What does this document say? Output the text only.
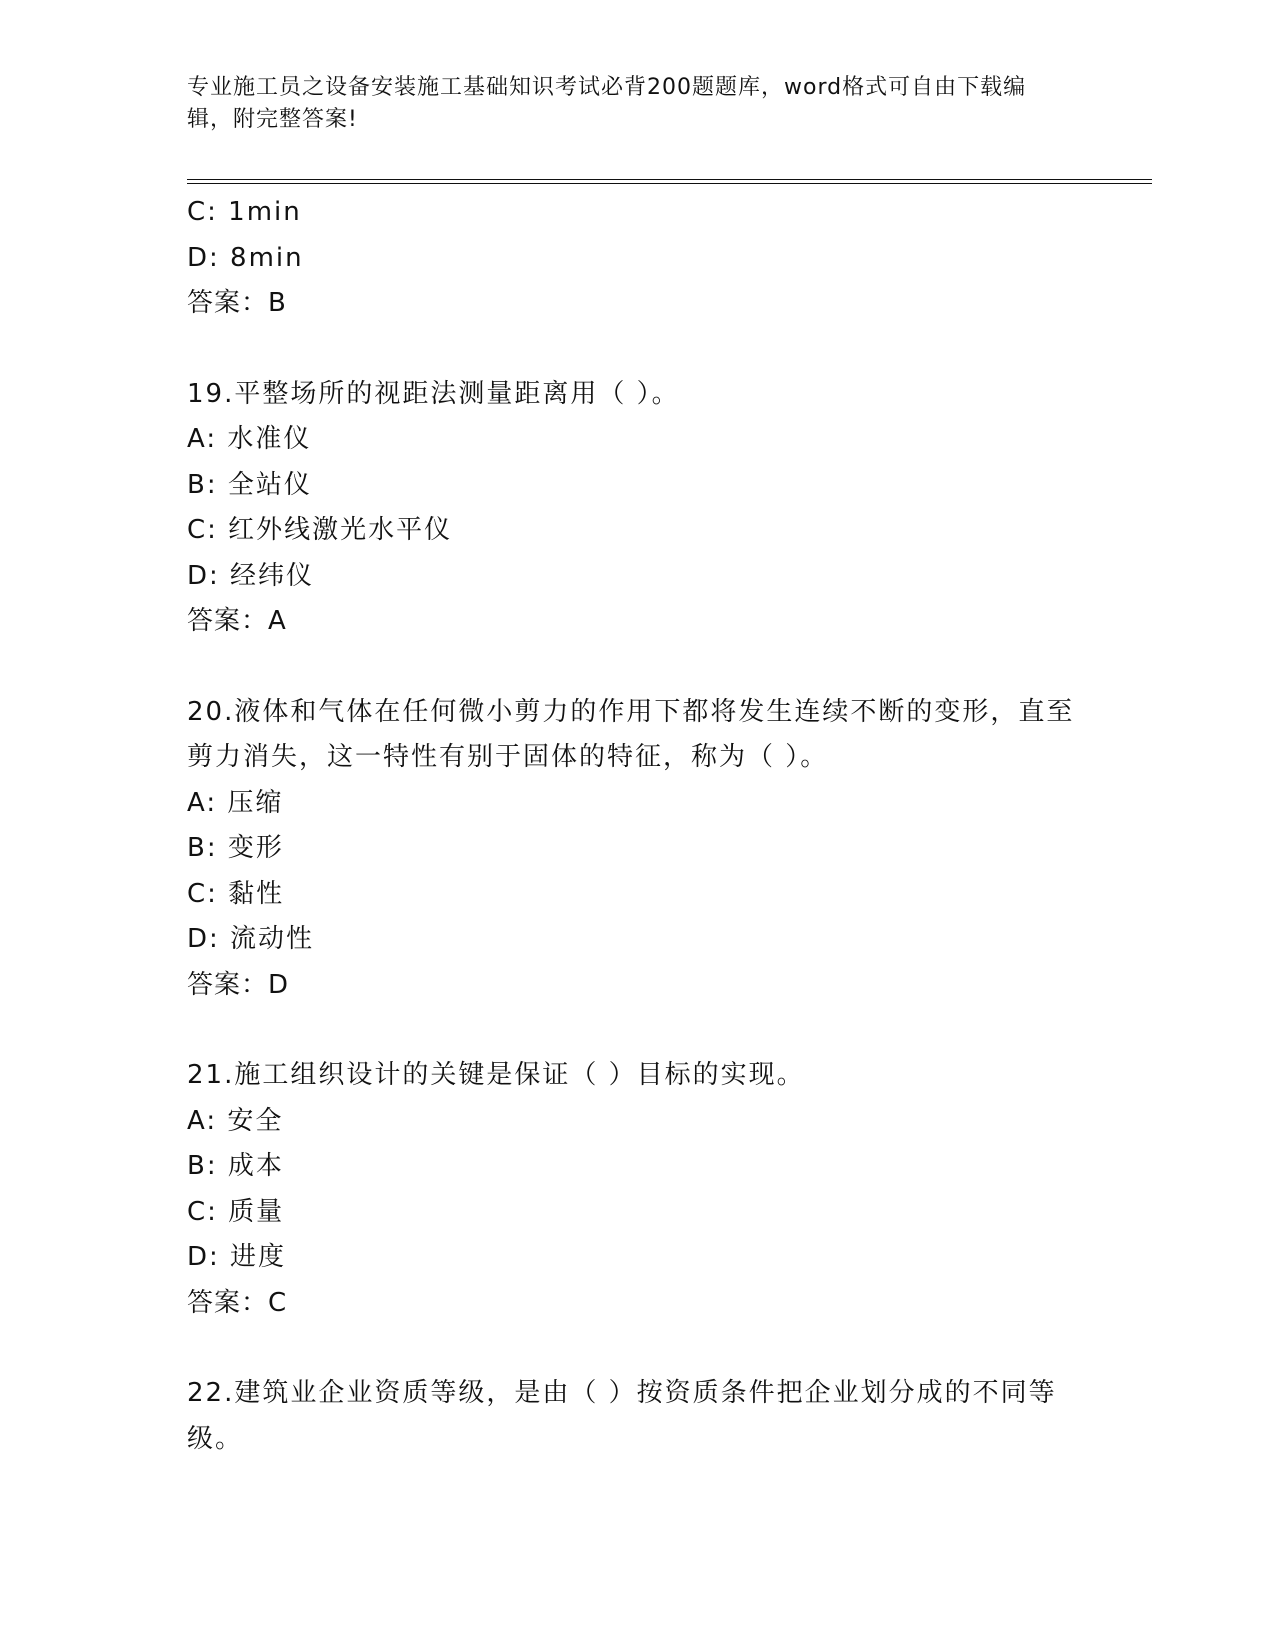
专业施工员之设备安装施工基础知识考试必背200题题库，word格式可自由下载编辑，附完整答案!
C: 1min
D: 8min
答案：B
19.平整场所的视距法测量距离用（ ）。
A: 水准仪
B: 全站仪
C: 红外线激光水平仪
D: 经纬仪
答案：A
20.液体和气体在任何微小剪力的作用下都将发生连续不断的变形，直至剪力消失，这一特性有别于固体的特征，称为（ ）。
A: 压缩
B: 变形
C: 黏性
D: 流动性
答案：D
21.施工组织设计的关键是保证（ ）目标的实现。
A: 安全
B: 成本
C: 质量
D: 进度
答案：C
22.建筑业企业资质等级，是由（ ）按资质条件把企业划分成的不同等级。
